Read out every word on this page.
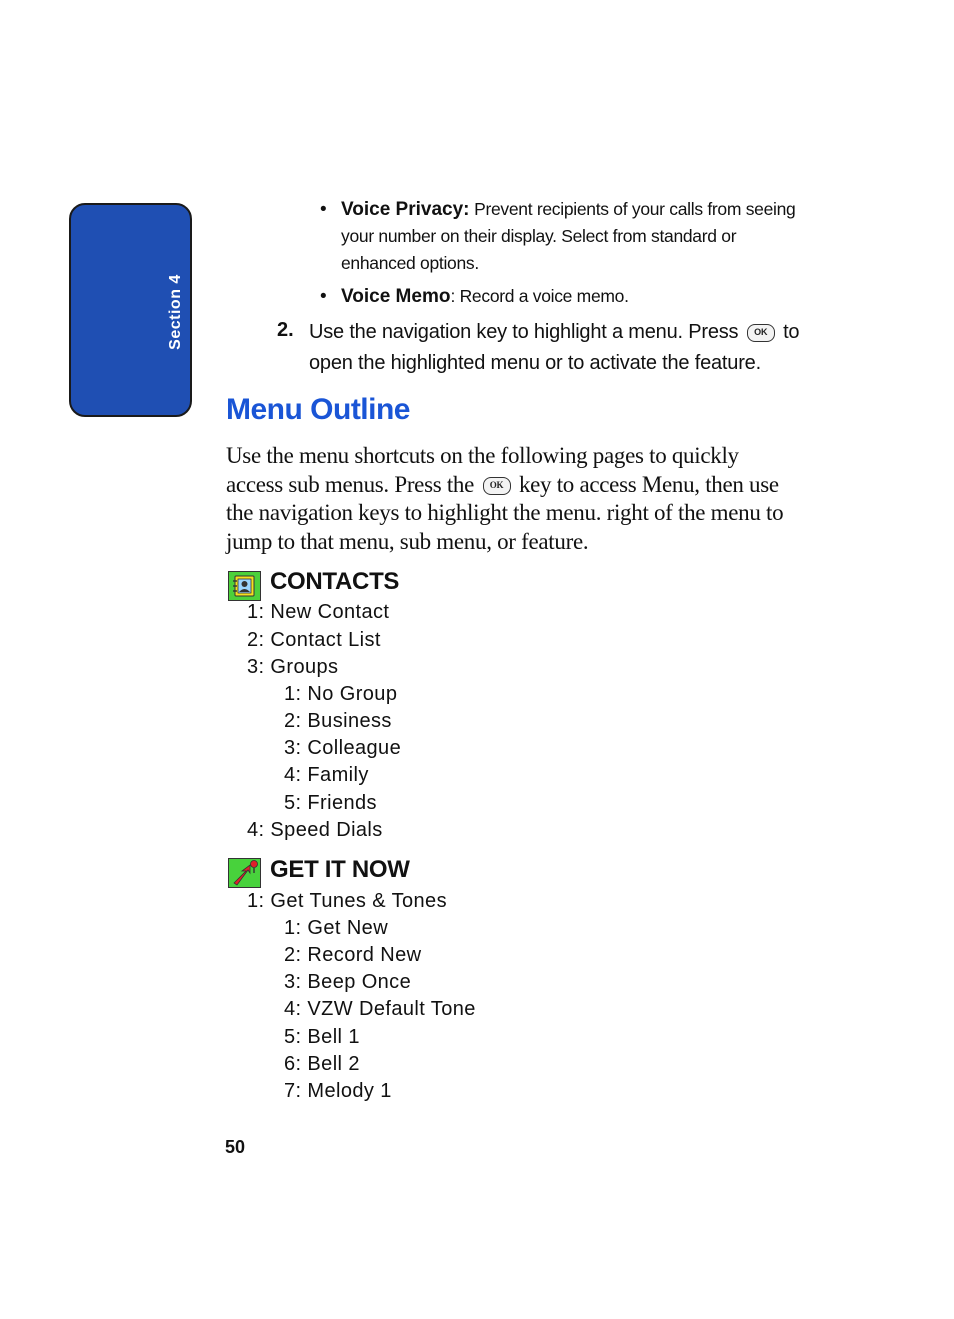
Section 4
• Voice Privacy: Prevent recipients of your calls from seeing your number on their display. Select from standard or enhanced options.
• Voice Memo: Record a voice memo.
2. Use the navigation key to highlight a menu. Press OK to open the highlighted menu or to activate the feature.
Menu Outline
Use the menu shortcuts on the following pages to quickly access sub menus. Press the OK key to access Menu, then use the navigation keys to highlight the menu. right of the menu to jump to that menu, sub menu, or feature.
CONTACTS
1: New Contact
2: Contact List
3: Groups
1: No Group
2: Business
3: Colleague
4: Family
5: Friends
4: Speed Dials
GET IT NOW
1: Get Tunes & Tones
1: Get New
2: Record New
3: Beep Once
4: VZW Default Tone
5: Bell 1
6: Bell 2
7: Melody 1
50
